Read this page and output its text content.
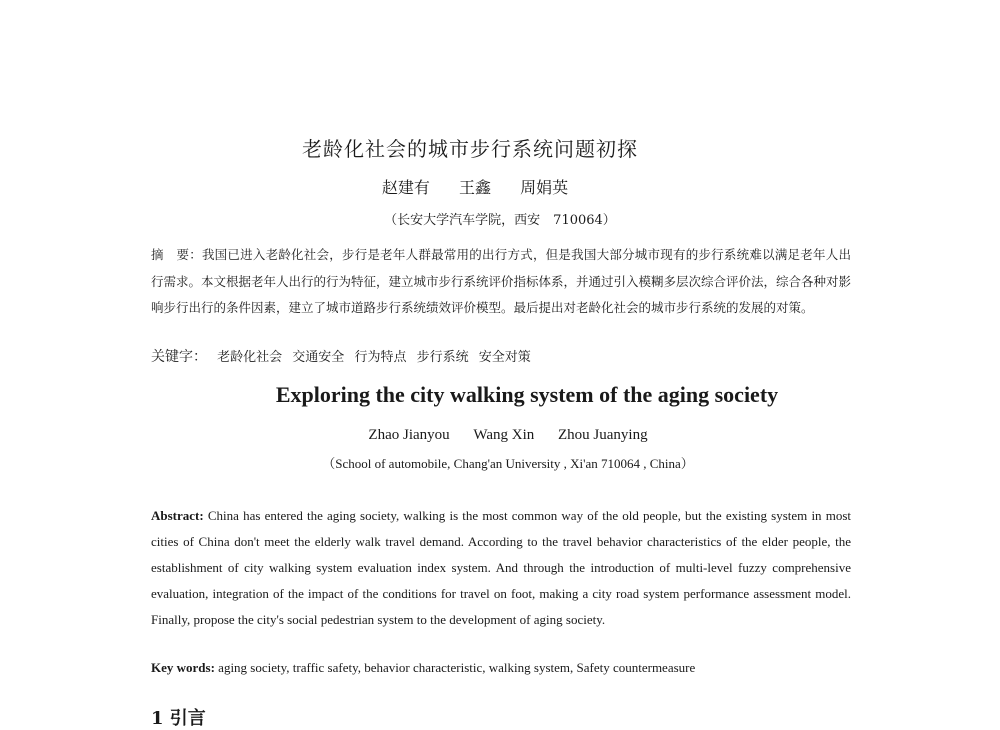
老龄化社会的城市步行系统问题初探
赵建有 王鑫 周娟英
（长安大学汽车学院，西安　710064）

摘　要：我国已进入老龄化社会，步行是老年人群最常用的出行方式，但是我国大部分城市现有的步行系统难以满足老年人出行需求。本文根据老年人出行的行为特征，建立城市步行系统评价指标体系，并通过引入模糊多层次综合评价法，综合各种对影响步行出行的条件因素，建立了城市道路步行系统绩效评价模型。最后提出对老龄化社会的城市步行系统的发展的对策。

关键字： 老龄化社会 交通安全 行为特点 步行系统 安全对策
Exploring the city walking system of the aging society
Zhao Jianyou Wang Xin Zhou Juanying
（School of automobile, Chang'an University , Xi'an 710064 , China）

Abstract: China has entered the aging society, walking is the most common way of the old people, but the existing system in most cities of China don't meet the elderly walk travel demand. According to the travel behavior characteristics of the elder people, the establishment of city walking system evaluation index system. And through the introduction of multi-level fuzzy comprehensive evaluation, integration of the impact of the conditions for travel on foot, making a city road system performance assessment model. Finally, propose the city's social pedestrian system to the development of aging society.

Key words: aging society, traffic safety, behavior characteristic, walking system, Safety countermeasure
1 引言
